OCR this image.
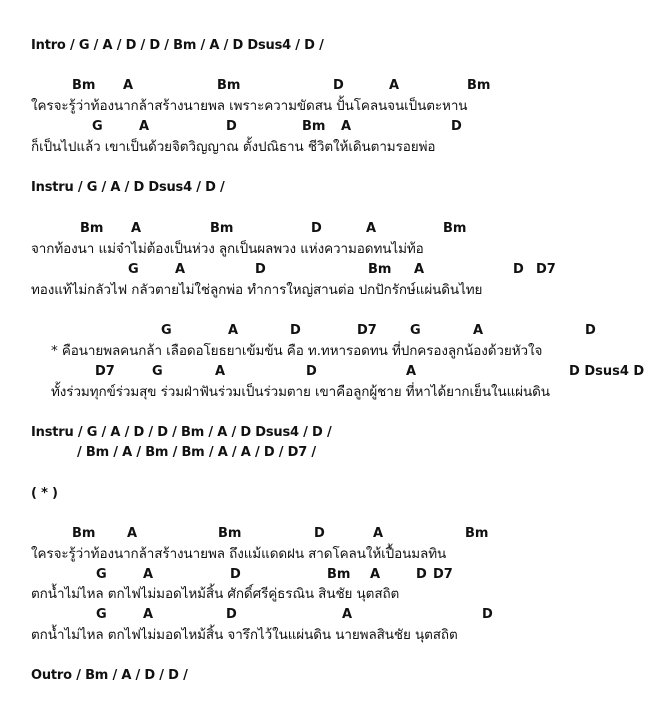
Intro / G / A / D / D / Bm / A / D Dsus4 / D /
Bm A	Bm	D	A	Bm
ใครจะรู้ว่าท้องนากล้าสร้างนายพล เพราะความขัดสน ปั้นโคลนจนเป็นตะหาน
G	A	D	Bm A	D
ก็เป็นไปแล้ว เขาเป็นด้วยจิตวิญญาณ ตั้งปณิธาน ชีวิตให้เดินตามรอยพ่อ
Instru / G / A / D Dsus4 / D /
Bm A	Bm	D	A	Bm
จากท้องนา แม่จ๋าไม่ต้องเป็นห่วง ลูกเป็นผลพวง แห่งความอดทนไม่ท้อ
G	A	D	Bm A	D D7
ทองแท้ไม่กลัวไฟ กลัวตายไม่ใช่ลูกพ่อ ทำการใหญ่สานต่อ ปกปักรักษ์แผ่นดินไทย
G	A	D	D7	G	A	D
* คือนายพลคนกล้า เลือดอโยธยาเข้มข้น คือ ท.ทหารอดทน ที่ปกครองลูกน้องด้วยหัวใจ
D7	G	A	D	A	D Dsus4 D
ทั้งร่วมทุกข์ร่วมสุข ร่วมฝ่าฟันร่วมเป็นร่วมตาย เขาคือลูกผู้ชาย ที่หาได้ยากเย็นในแผ่นดิน
Instru / G / A / D / D / Bm / A / D Dsus4 / D /
/ Bm / A / Bm / Bm / A / A / D / D7 /
( * )
Bm A	Bm	D	A	Bm
ใครจะรู้ว่าท้องนากล้าสร้างนายพล ถึงแม้แดดฝน สาดโคลนให้เปื้อนมลทิน
G	A	D	Bm A	D D7
ตกน้ำไม่ไหล ตกไฟไม่มอดไหม้สิ้น ศักดิ์ศรีคู่ธรณิน สินชัย นุตสถิต
G	A	D	A	D
ตกน้ำไม่ไหล ตกไฟไม่มอดไหม้สิ้น จารึกไว้ในแผ่นดิน นายพลสินชัย นุตสถิต
Outro / Bm / A / D / D /
